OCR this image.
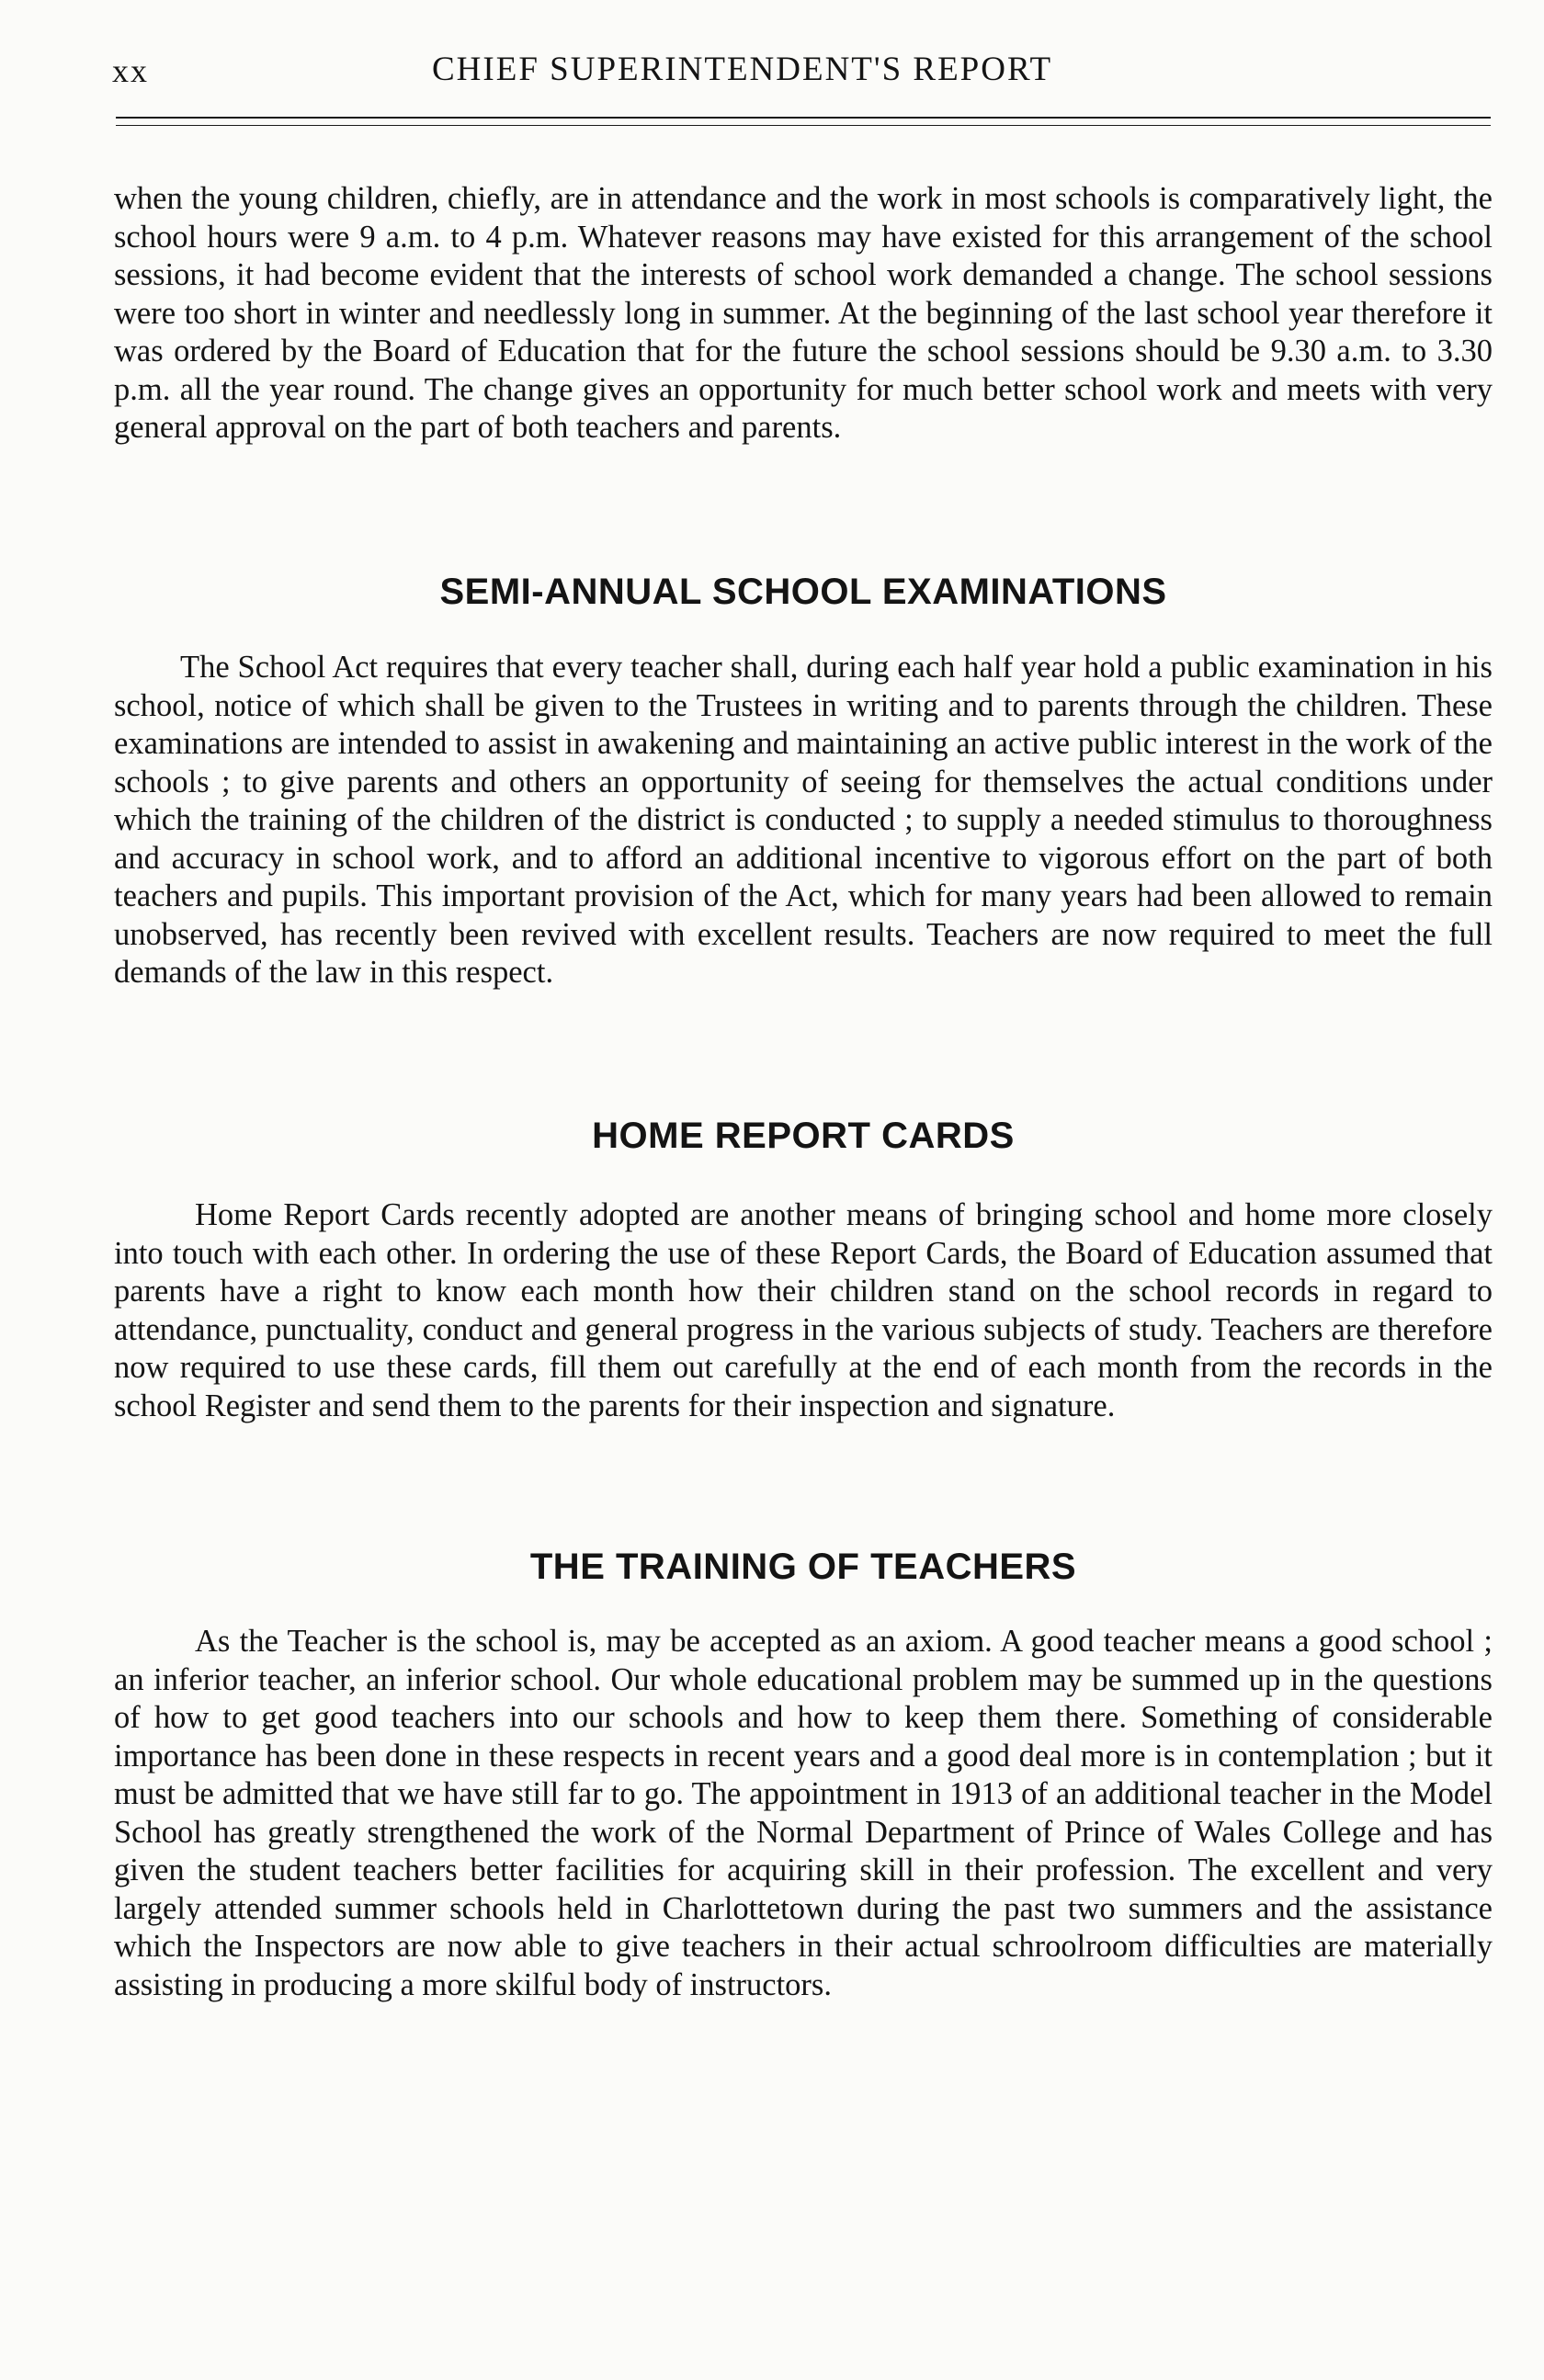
xx	CHIEF SUPERINTENDENT'S REPORT

when the young children, chiefly, are in attendance and the work in most schools is comparatively light, the school hours were 9 a.m. to 4 p.m. Whatever reasons may have existed for this arrangement of the school sessions, it had become evident that the interests of school work demanded a change. The school sessions were too short in winter and needlessly long in summer. At the beginning of the last school year therefore it was ordered by the Board of Education that for the future the school sessions should be 9.30 a.m. to 3.30 p.m. all the year round. The change gives an opportunity for much better school work and meets with very general approval on the part of both teachers and parents.

SEMI-ANNUAL SCHOOL EXAMINATIONS

The School Act requires that every teacher shall, during each half year hold a public examination in his school, notice of which shall be given to the Trustees in writing and to parents through the children. These examinations are intended to assist in awakening and maintaining an active public interest in the work of the schools ; to give parents and others an opportunity of seeing for themselves the actual conditions under which the training of the children of the district is conducted ; to supply a needed stimulus to thoroughness and accuracy in school work, and to afford an additional incentive to vigorous effort on the part of both teachers and pupils. This important provision of the Act, which for many years had been allowed to remain unobserved, has recently been revived with excellent results. Teachers are now required to meet the full demands of the law in this respect.

HOME REPORT CARDS

Home Report Cards recently adopted are another means of bringing school and home more closely into touch with each other. In ordering the use of these Report Cards, the Board of Education assumed that parents have a right to know each month how their children stand on the school records in regard to attendance, punctuality, conduct and general progress in the various subjects of study. Teachers are therefore now required to use these cards, fill them out carefully at the end of each month from the records in the school Register and send them to the parents for their inspection and signature.

THE TRAINING OF TEACHERS

As the Teacher is the school is, may be accepted as an axiom. A good teacher means a good school ; an inferior teacher, an inferior school. Our whole educational problem may be summed up in the questions of how to get good teachers into our schools and how to keep them there. Something of considerable importance has been done in these respects in recent years and a good deal more is in contemplation ; but it must be admitted that we have still far to go. The appointment in 1913 of an additional teacher in the Model School has greatly strengthened the work of the Normal Department of Prince of Wales College and has given the student teachers better facilities for acquiring skill in their profession. The excellent and very largely attended summer schools held in Charlottetown during the past two summers and the assistance which the Inspectors are now able to give teachers in their actual schroolroom difficulties are materially assisting in producing a more skilful body of instructors.
